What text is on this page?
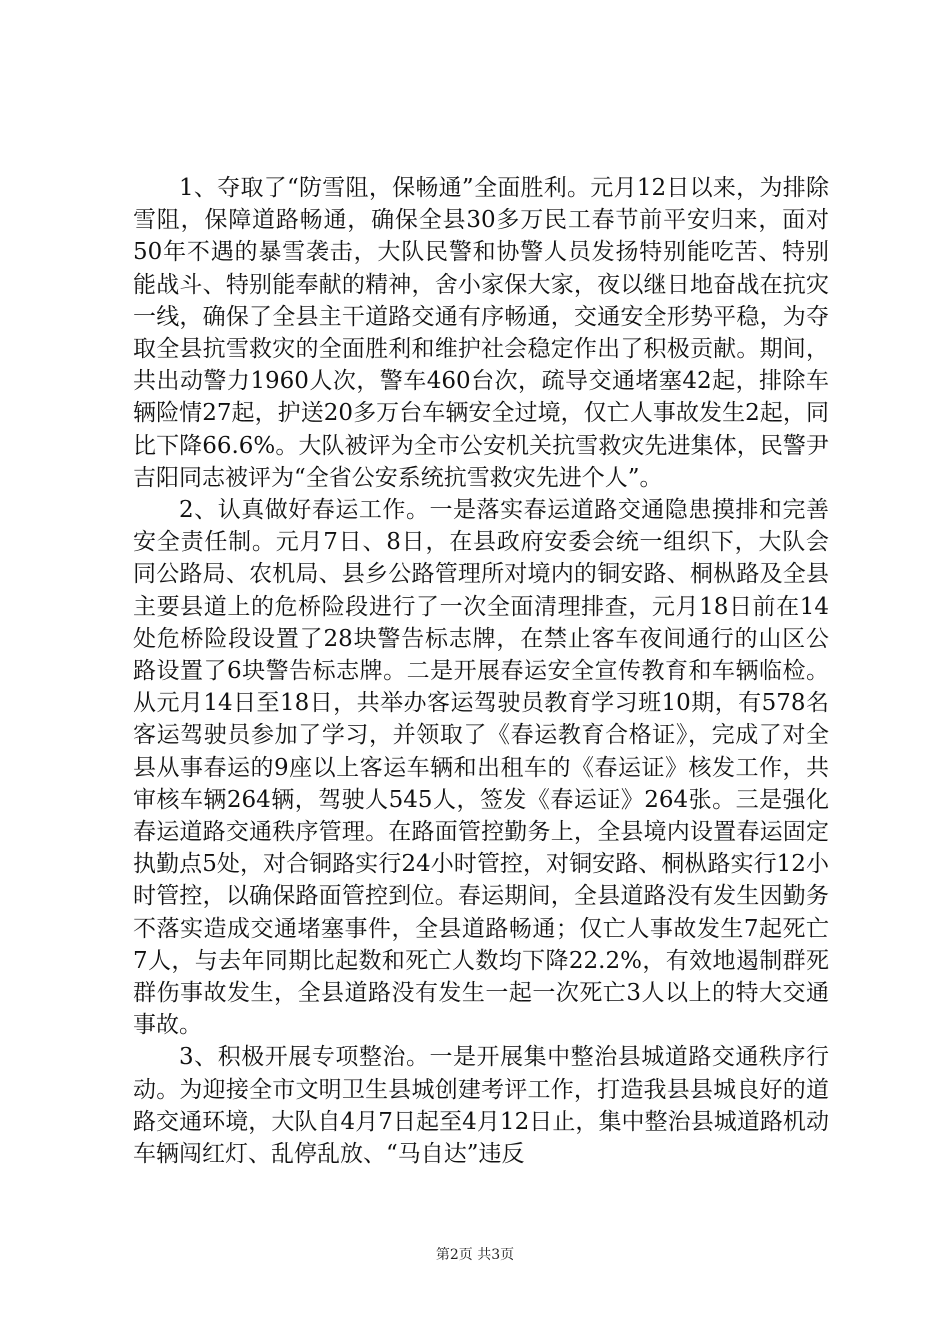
1、夺取了“防雪阻，保畅通”全面胜利。元月12日以来，为排除雪阻，保障道路畅通，确保全县30多万民工春节前平安归来，面对50年不遇的暴雪袭击，大队民警和协警人员发扬特别能吃苦、特别能战斗、特别能奉献的精神，舍小家保大家，夜以继日地奋战在抗灾一线，确保了全县主干道路交通有序畅通，交通安全形势平稳，为夺取全县抗雪救灾的全面胜利和维护社会稳定作出了积极贡献。期间，共出动警力1960人次，警车460台次，疏导交通堵塞42起，排除车辆险情27起，护送20多万台车辆安全过境，仅亡人事故发生2起，同比下降66.6%。大队被评为全市公安机关抗雪救灾先进集体，民警尹吉阳同志被评为“全省公安系统抗雪救灾先进个人”。

2、认真做好春运工作。一是落实春运道路交通隐患摸排和完善安全责任制。元月7日、8日，在县政府安委会统一组织下，大队会同公路局、农机局、县乡公路管理所对境内的铜安路、桐枞路及全县主要县道上的危桥险段进行了一次全面清理排查，元月18日前在14处危桥险段设置了28块警告标志牌，在禁止客车夜间通行的山区公路设置了6块警告标志牌。二是开展春运安全宣传教育和车辆临检。从元月14日至18日，共举办客运驾驶员教育学习班10期，有578名客运驾驶员参加了学习，并领取了《春运教育合格证》，完成了对全县从事春运的9座以上客运车辆和出租车的《春运证》核发工作，共审核车辆264辆，驾驶人545人，签发《春运证》264张。三是强化春运道路交通秩序管理。在路面管控勤务上，全县境内设置春运固定执勤点5处，对合铜路实行24小时管控，对铜安路、桐枞路实行12小时管控，以确保路面管控到位。春运期间，全县道路没有发生因勤务不落实造成交通堵塞事件，全县道路畅通；仅亡人事故发生7起死亡7人，与去年同期比起数和死亡人数均下降22.2%，有效地遏制群死群伤事故发生，全县道路没有发生一起一次死亡3人以上的特大交通事故。

3、积极开展专项整治。一是开展集中整治县城道路交通秩序行动。为迎接全市文明卫生县城创建考评工作，打造我县县城良好的道路交通环境，大队自4月7日起至4月12日止，集中整治县城道路机动车辆闯红灯、乱停乱放、“马自达”违反

第2页 共3页
